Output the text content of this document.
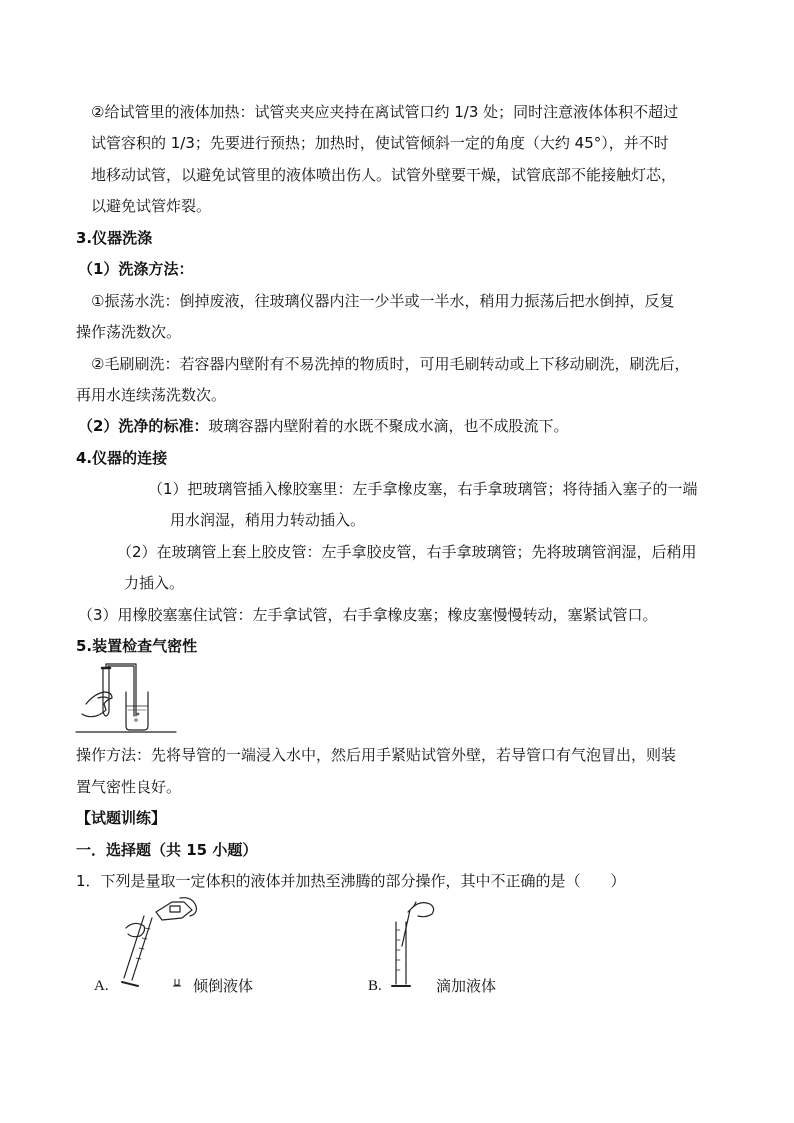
②给试管里的液体加热：试管夹夹应夹持在离试管口约 1/3 处；同时注意液体体积不超过
试管容积的 1/3；先要进行预热；加热时，使试管倾斜一定的角度（大约 45°），并不时
地移动试管，以避免试管里的液体喷出伤人。试管外壁要干燥，试管底部不能接触灯芯，
以避免试管炸裂。
3.仪器洗涤
（1）洗涤方法：
①振荡水洗：倒掉废液，往玻璃仪器内注一少半或一半水，稍用力振荡后把水倒掉，反复
操作荡洗数次。
②毛刷刷洗：若容器内壁附有不易洗掉的物质时，可用毛刷转动或上下移动刷洗，刷洗后，
再用水连续荡洗数次。
（2）洗净的标准：玻璃容器内壁附着的水既不聚成水滴，也不成股流下。
4.仪器的连接
（1）把玻璃管插入橡胶塞里：左手拿橡皮塞，右手拿玻璃管；将待插入塞子的一端
用水润湿，稍用力转动插入。
（2）在玻璃管上套上胶皮管：左手拿胶皮管，右手拿玻璃管；先将玻璃管润湿，后稍用
力插入。
（3）用橡胶塞塞住试管：左手拿试管，右手拿橡皮塞；橡皮塞慢慢转动，塞紧试管口。
5.装置检查气密性
操作方法：先将导管的一端浸入水中，然后用手紧贴试管外壁，若导管口有气泡冒出，则装
置气密性良好。
【试题训练】
一．选择题（共 15 小题）
1．下列是量取一定体积的液体并加热至沸腾的部分操作，其中不正确的是（　　）
A.	倾倒液体	B.	滴加液体
